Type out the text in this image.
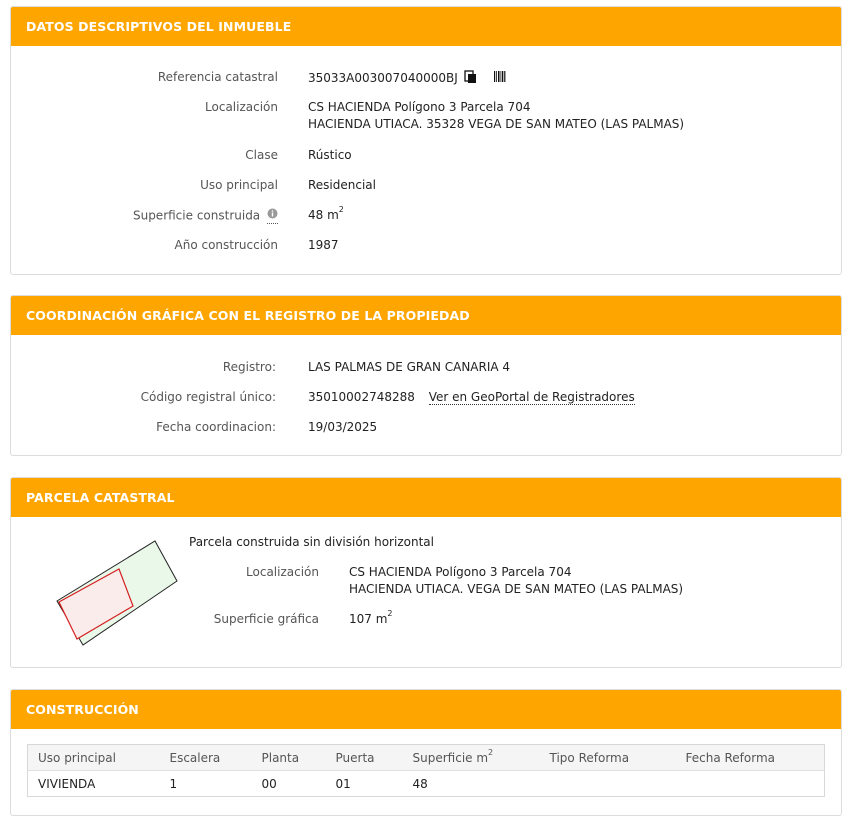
DATOS DESCRIPTIVOS DEL INMUEBLE
Referencia catastral	35033A003007040000BJ
Localización	CS HACIENDA Polígono 3 Parcela 704
HACIENDA UTIACA. 35328 VEGA DE SAN MATEO (LAS PALMAS)
Clase	Rústico
Uso principal	Residencial
Superficie construida	48 $m^2$
Año construcción	1987
COORDINACIÓN GRÁFICA CON EL REGISTRO DE LA PROPIEDAD
Registro:	LAS PALMAS DE GRAN CANARIA 4
Código registral único:	35010002748288 Ver en GeoPortal de Registradores
Fecha coordinacion:	19/03/2025
PARCELA CATASTRAL
Parcela construida sin división horizontal
Localización	CS HACIENDA Polígono 3 Parcela 704
HACIENDA UTIACA. VEGA DE SAN MATEO (LAS PALMAS)
Superficie gráfica	107 $m^2$
CONSTRUCCIÓN
Uso principal	Escalera	Planta	Puerta	Superficie $m^2$	Tipo Reforma	Fecha Reforma
VIVIENDA	1	00	01	48		
